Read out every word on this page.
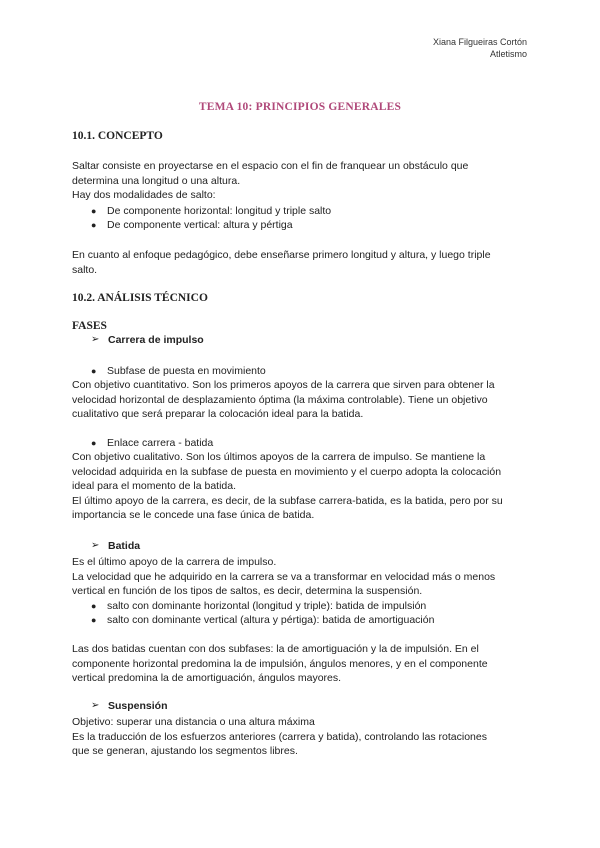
Xiana Filgueiras Cortón
Atletismo
TEMA 10: PRINCIPIOS GENERALES
10.1. CONCEPTO
Saltar consiste en proyectarse en el espacio con el fin de franquear un obstáculo que
determina una longitud o una altura.
Hay dos modalidades de salto:
● De componente horizontal: longitud y triple salto
● De componente vertical: altura y pértiga
En cuanto al enfoque pedagógico, debe enseñarse primero longitud y altura, y luego triple
salto.
10.2. ANÁLISIS TÉCNICO
FASES
➢ Carrera de impulso
● Subfase de puesta en movimiento
Con objetivo cuantitativo. Son los primeros apoyos de la carrera que sirven para obtener la
velocidad horizontal de desplazamiento óptima (la máxima controlable). Tiene un objetivo
cualitativo que será preparar la colocación ideal para la batida.
● Enlace carrera - batida
Con objetivo cualitativo. Son los últimos apoyos de la carrera de impulso. Se mantiene la
velocidad adquirida en la subfase de puesta en movimiento y el cuerpo adopta la colocación
ideal para el momento de la batida.
El último apoyo de la carrera, es decir, de la subfase carrera-batida, es la batida, pero por su
importancia se le concede una fase única de batida.
➢ Batida
Es el último apoyo de la carrera de impulso.
La velocidad que he adquirido en la carrera se va a transformar en velocidad más o menos
vertical en función de los tipos de saltos, es decir, determina la suspensión.
● salto con dominante horizontal (longitud y triple): batida de impulsión
● salto con dominante vertical (altura y pértiga): batida de amortiguación
Las dos batidas cuentan con dos subfases: la de amortiguación y la de impulsión. En el
componente horizontal predomina la de impulsión, ángulos menores, y en el componente
vertical predomina la de amortiguación, ángulos mayores.
➢ Suspensión
Objetivo: superar una distancia o una altura máxima
Es la traducción de los esfuerzos anteriores (carrera y batida), controlando las rotaciones
que se generan, ajustando los segmentos libres.
